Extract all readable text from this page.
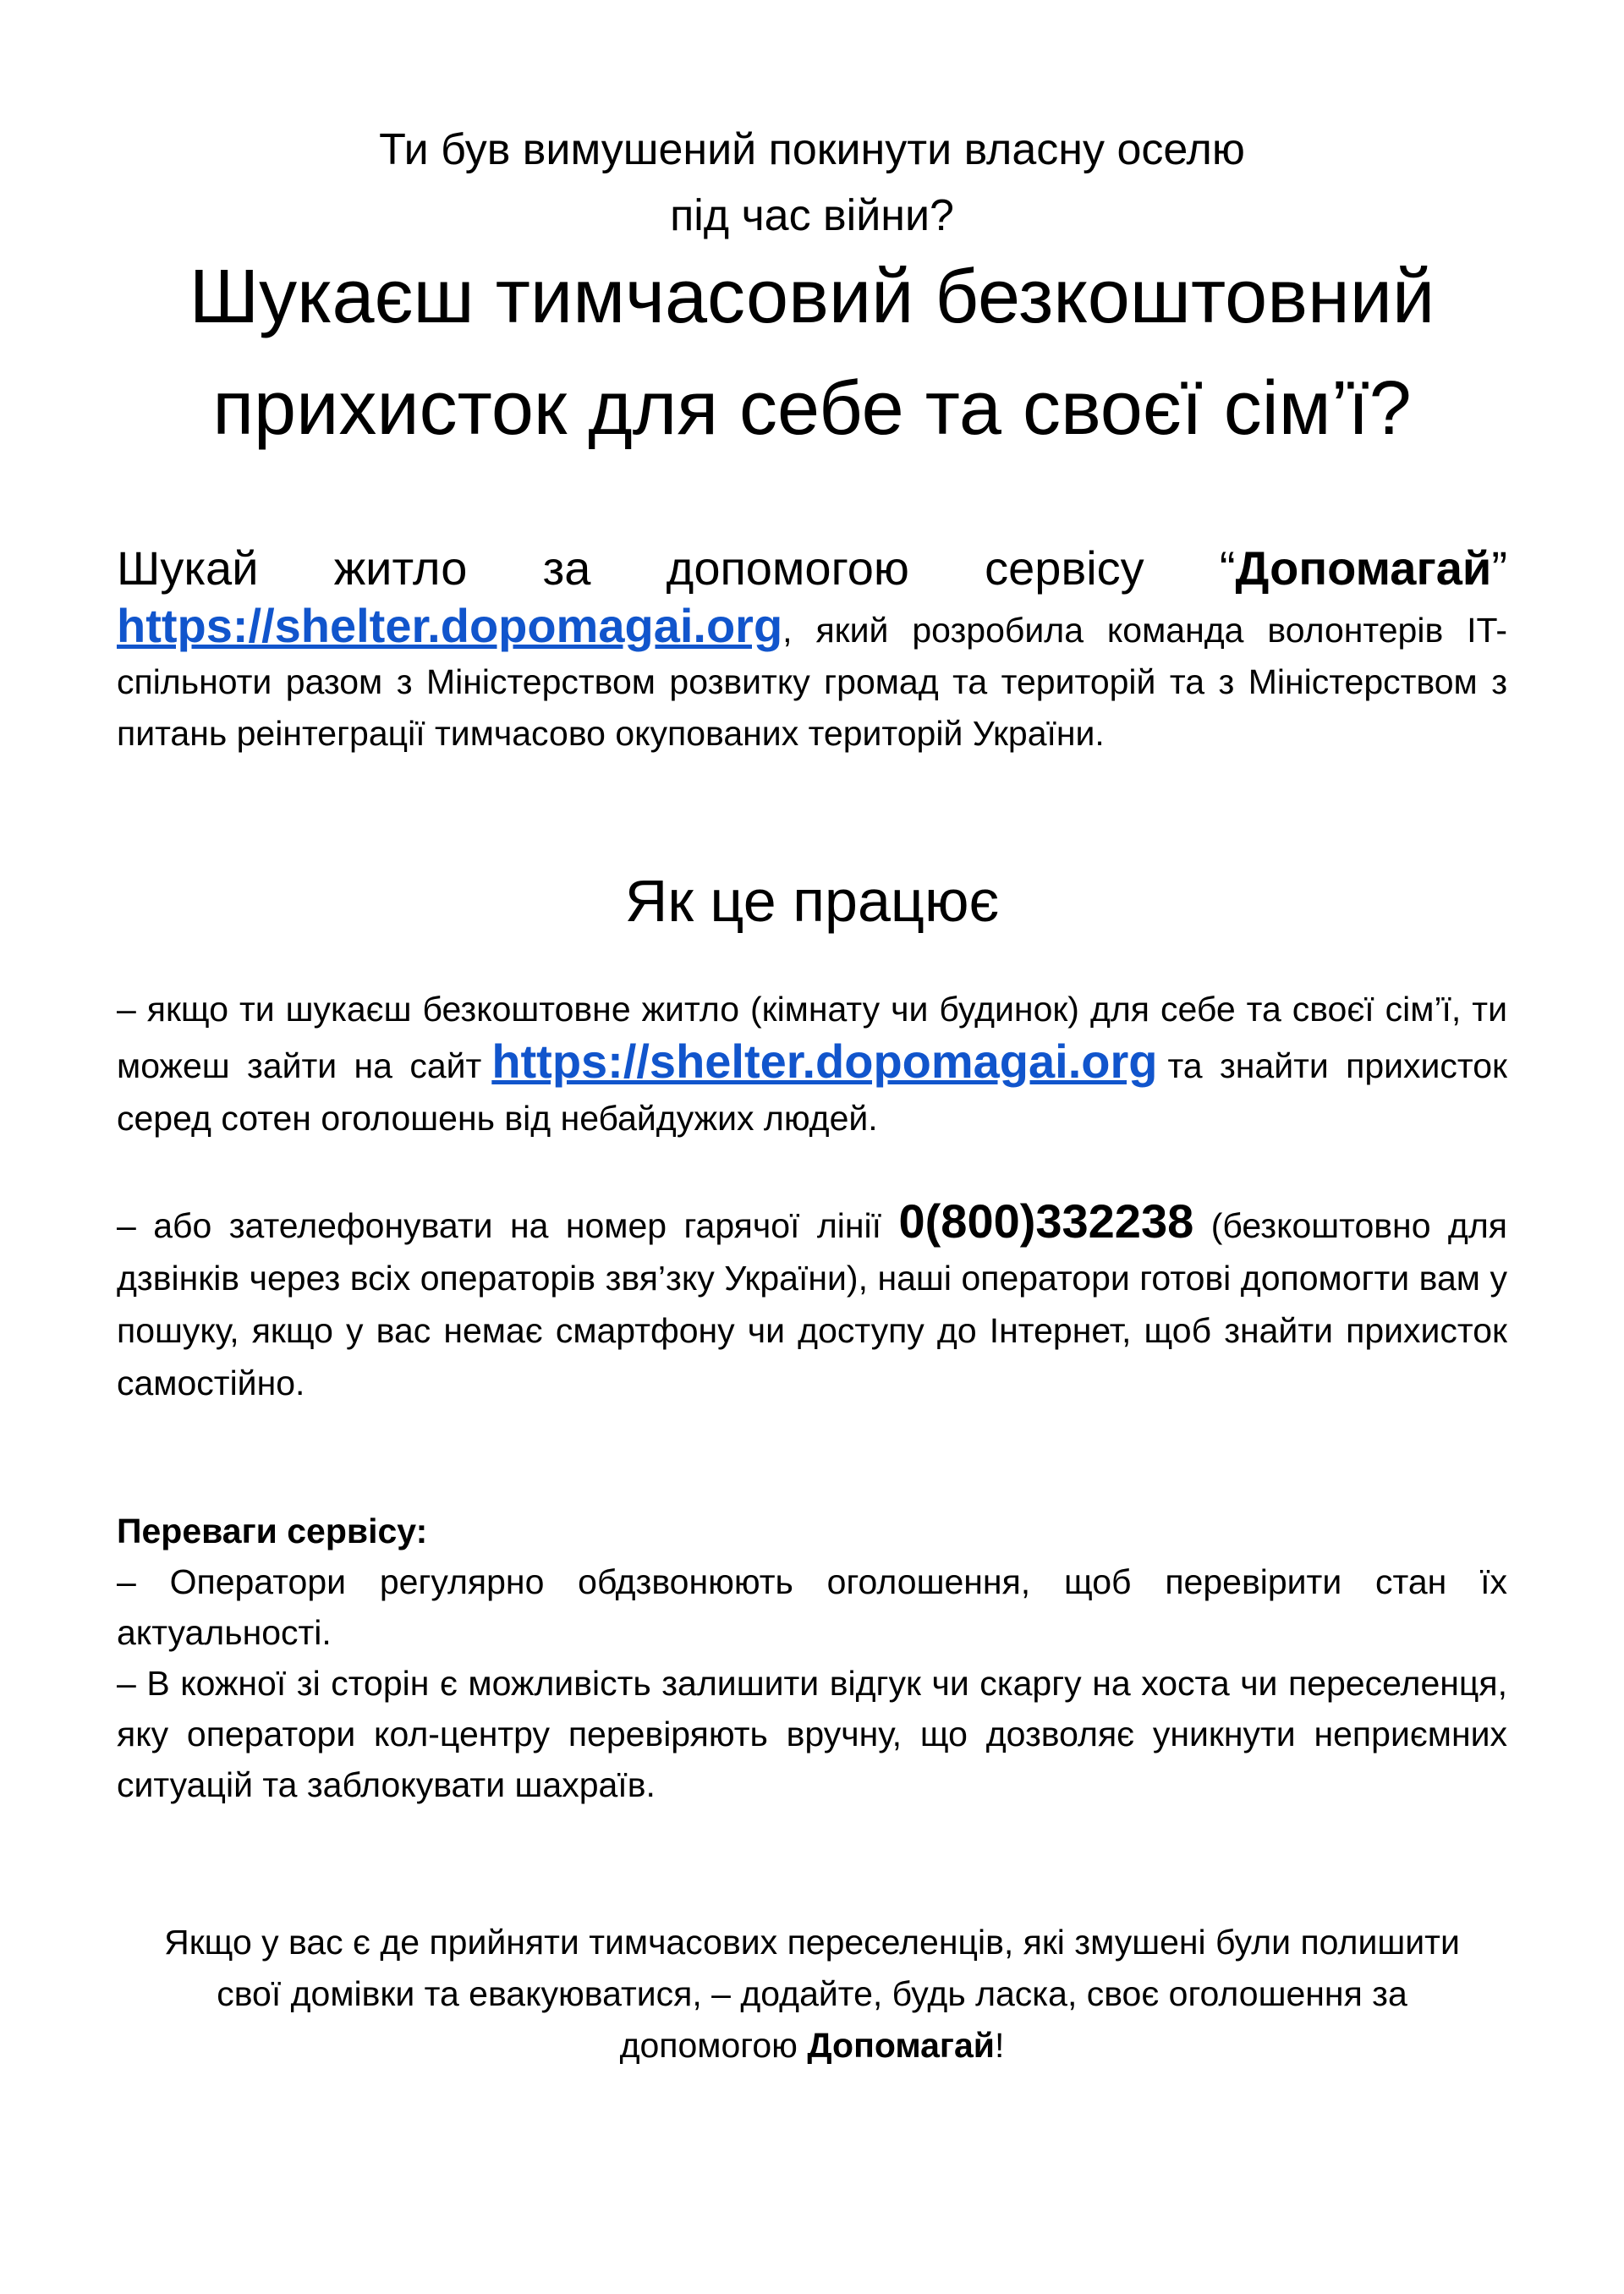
Ти був вимушений покинути власну оселю
під час війни?
Шукаєш тимчасовий безкоштовний
прихисток для себе та своєї сім’ї?
Шукай житло за допомогою сервісу “Допомагай”
https://shelter.dopomagai.org, який розробила команда волонтерів IT-спільноти разом з Міністерством розвитку громад та територій та з Міністерством з питань реінтеграції тимчасово окупованих територій України.
Як це працює

– якщо ти шукаєш безкоштовне житло (кімнату чи будинок) для себе та своєї сім’ї, ти можеш зайти на сайт https://shelter.dopomagai.org та знайти прихисток серед сотен оголошень від небайдужих людей.

– або зателефонувати на номер гарячої лінії 0(800)332238 (безкоштовно для дзвінків через всіх операторів звя’зку України), наші оператори готові допомогти вам у пошуку, якщо у вас немає смартфону чи доступу до Інтернет, щоб знайти прихисток самостійно.

Переваги сервісу:

– Оператори регулярно обдзвонюють оголошення, щоб перевірити стан їх актуальності.

– В кожної зі сторін є можливість залишити відгук чи скаргу на хоста чи переселенця, яку оператори кол-центру перевіряють вручну, що дозволяє уникнути неприємних ситуацій та заблокувати шахраїв.

Якщо у вас є де прийняти тимчасових переселенців, які змушені були полишити свої домівки та евакуюватися, – додайте, будь ласка, своє оголошення за допомогою Допомагай!
